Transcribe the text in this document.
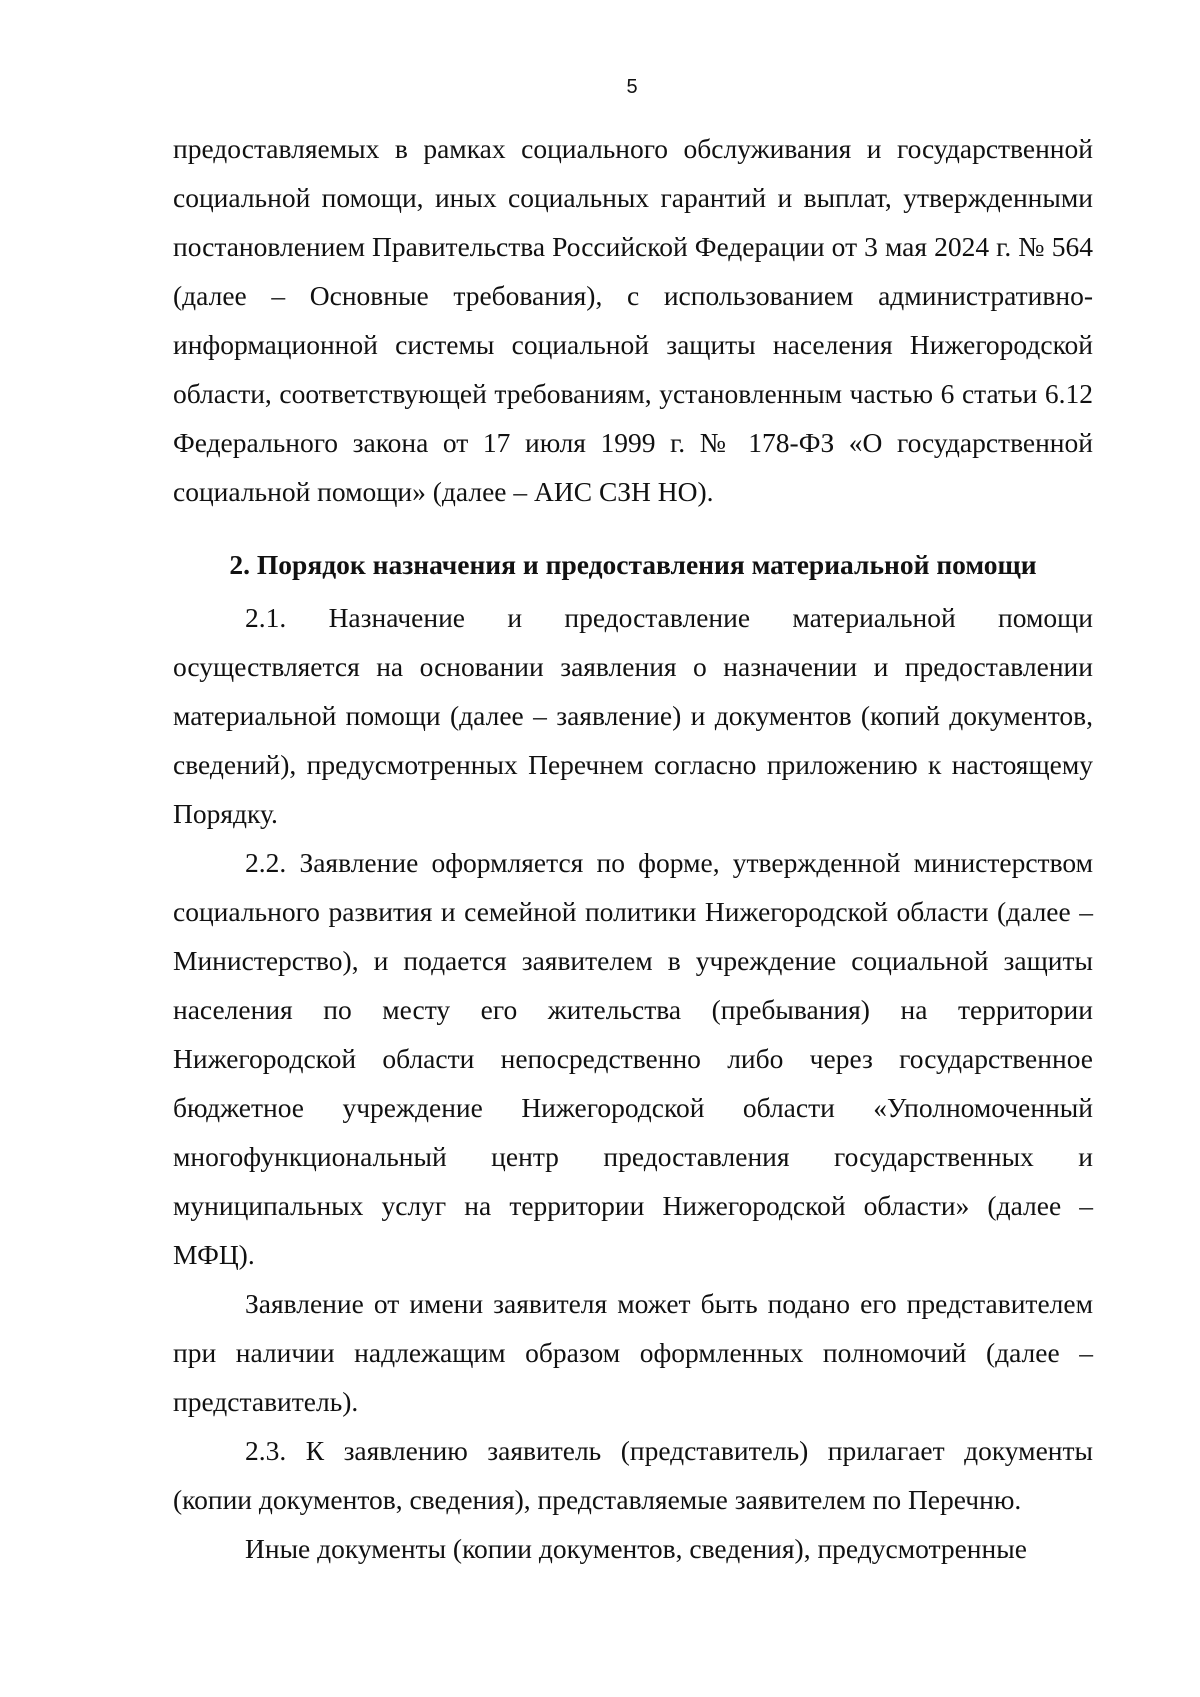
5

предоставляемых в рамках социального обслуживания и государственной социальной помощи, иных социальных гарантий и выплат, утвержденными постановлением Правительства Российской Федерации от 3 мая 2024 г. № 564 (далее – Основные требования), с использованием административно-информационной системы социальной защиты населения Нижегородской области, соответствующей требованиям, установленным частью 6 статьи 6.12 Федерального закона от 17 июля 1999 г. № 178-ФЗ «О государственной социальной помощи» (далее – АИС СЗН НО).

2. Порядок назначения и предоставления материальной помощи

2.1. Назначение и предоставление материальной помощи осуществляется на основании заявления о назначении и предоставлении материальной помощи (далее – заявление) и документов (копий документов, сведений), предусмотренных Перечнем согласно приложению к настоящему Порядку.

2.2. Заявление оформляется по форме, утвержденной министерством социального развития и семейной политики Нижегородской области (далее – Министерство), и подается заявителем в учреждение социальной защиты населения по месту его жительства (пребывания) на территории Нижегородской области непосредственно либо через государственное бюджетное учреждение Нижегородской области «Уполномоченный многофункциональный центр предоставления государственных и муниципальных услуг на территории Нижегородской области» (далее – МФЦ).

Заявление от имени заявителя может быть подано его представителем при наличии надлежащим образом оформленных полномочий (далее – представитель).

2.3. К заявлению заявитель (представитель) прилагает документы (копии документов, сведения), представляемые заявителем по Перечню.

Иные документы (копии документов, сведения), предусмотренные
